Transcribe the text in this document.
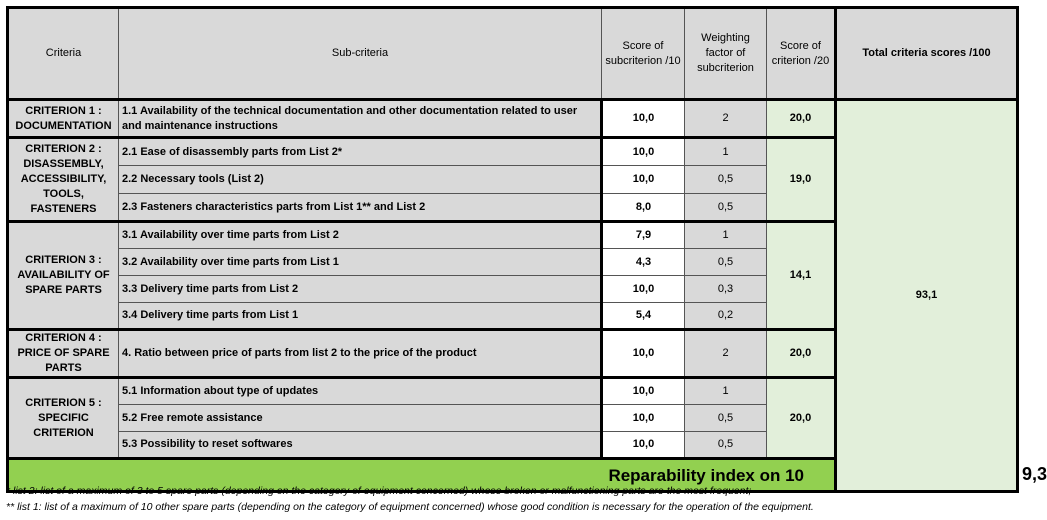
Criteria	Sub-criteria	Score of subcriterion /10	Weighting factor of subcriterion	Score of criterion /20	Total criteria scores /100	
CRITERION 1 : DOCUMENTATION	1.1 Availability of the technical documentation and other documentation related to user and maintenance instructions	10,0	2	20,0	93,1	
CRITERION 2 : DISASSEMBLY, ACCESSIBILITY, TOOLS, FASTENERS	2.1 Ease of disassembly parts from List 2*	10,0	1	19,0		
	2.2 Necessary tools (List 2)	10,0	0,5			
	2.3 Fasteners characteristics parts from List 1** and List 2	8,0	0,5			
CRITERION 3 : AVAILABILITY OF SPARE PARTS	3.1 Availability over time parts from List 2	7,9	1	14,1		
	3.2 Availability over time parts from List 1	4,3	0,5			
	3.3 Delivery time parts from List 2	10,0	0,3			
	3.4 Delivery time parts from List 1	5,4	0,2			
CRITERION 4 : PRICE OF SPARE PARTS	4. Ratio between price of parts from list 2 to the price of the product	10,0	2	20,0		
CRITERION 5 : SPECIFIC CRITERION	5.1 Information about type of updates	10,0	1	20,0		
	5.2 Free remote assistance	10,0	0,5			
	5.3 Possibility to reset softwares	10,0	0,5			
Reparability index on 10						9,3
* list 2: list of a maximum of 3 to 5 spare parts (depending on the category of equipment concerned) whose broken or malfunctioning parts are the most frequent;
** list 1: list of a maximum of 10 other spare parts (depending on the category of equipment concerned) whose good condition is necessary for the operation of the equipment.
